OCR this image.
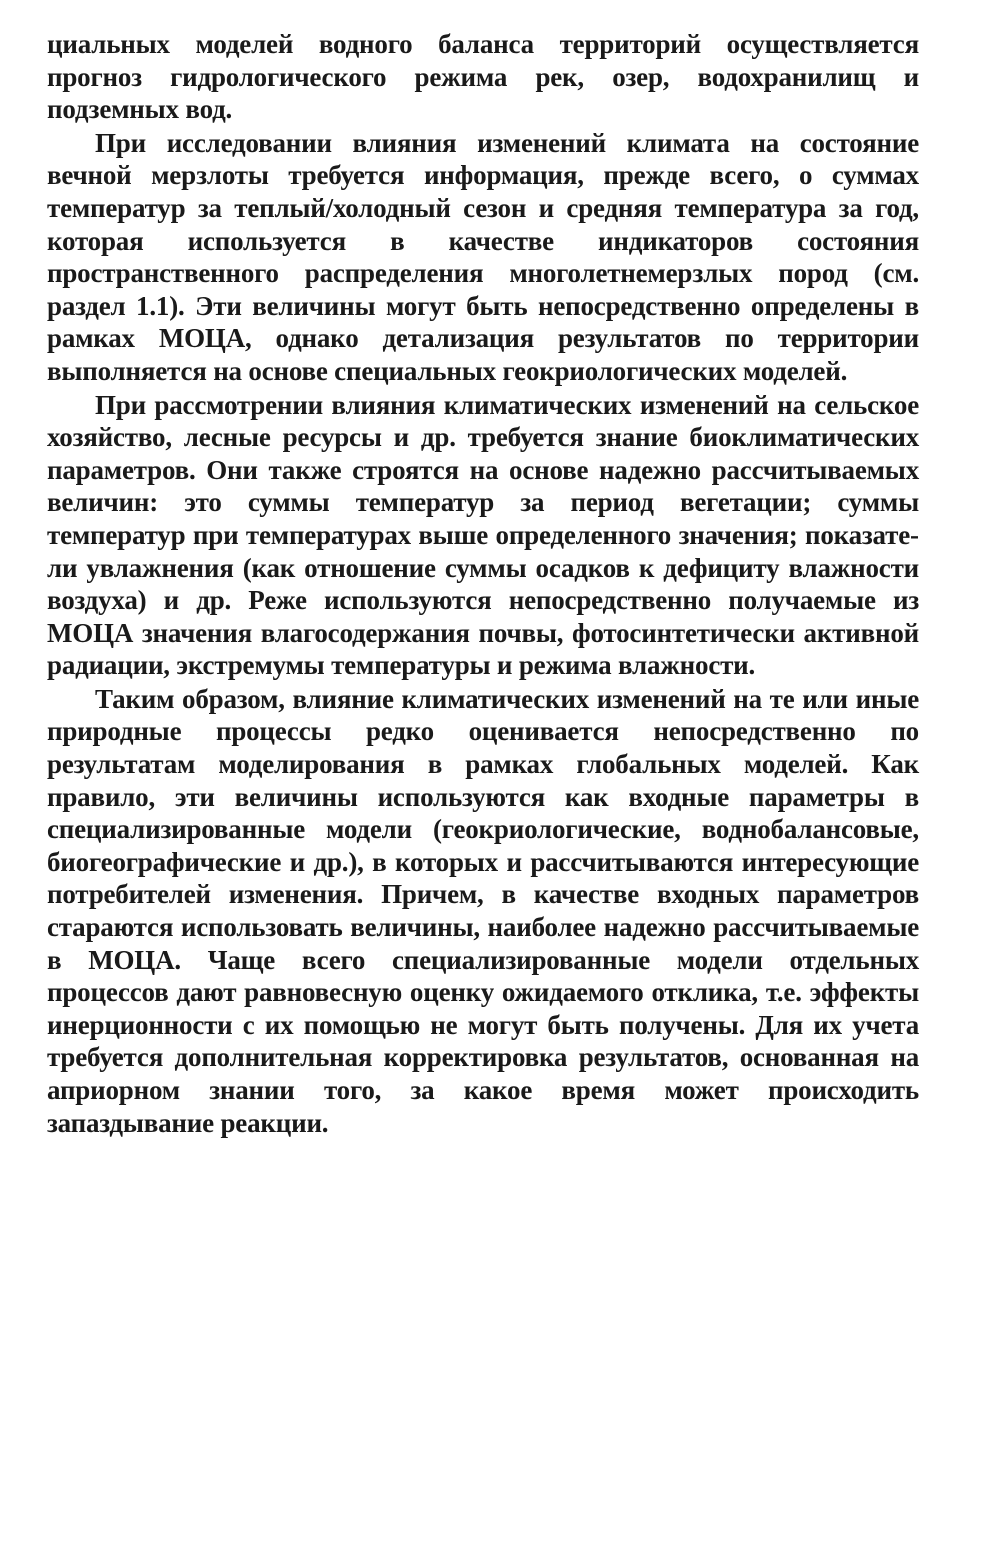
циальных моделей водного баланса территорий осуществляется прогноз гидрологического режима рек, озер, водохранилищ и подземных вод.

При исследовании влияния изменений климата на состояние вечной мерзлоты требуется информация, прежде всего, о суммах температур за теплый/холодный сезон и средняя температура за год, которая используется в качестве индикаторов состояния пространственного распределения многолетнемерзлых пород (см. раздел 1.1). Эти величины могут быть непосредственно определены в рамках МОЦА, однако детализация результатов по территории выполняется на основе специальных геокриологических моделей.

При рассмотрении влияния климатических изменений на сельское хозяйство, лесные ресурсы и др. требуется знание биоклиматических параметров. Они также строятся на основе надежно рассчитываемых величин: это суммы температур за период вегетации; суммы температур при температурах выше определенного значения; показатели увлажнения (как отношение суммы осадков к дефициту влажности воздуха) и др. Реже используются непосредственно получаемые из МОЦА значения влагосодержания почвы, фотосинтетически активной радиации, экстремумы температуры и режима влажности.

Таким образом, влияние климатических изменений на те или иные природные процессы редко оценивается непосредственно по результатам моделирования в рамках глобальных моделей. Как правило, эти величины используются как входные параметры в специализированные модели (геокриологические, воднобалансовые, биогеографические и др.), в которых и рассчитываются интересующие потребителей изменения. Причем, в качестве входных параметров стараются использовать величины, наиболее надежно рассчитываемые в МОЦА. Чаще всего специализированные модели отдельных процессов дают равновесную оценку ожидаемого отклика, т.е. эффекты инерционности с их помощью не могут быть получены. Для их учета требуется дополнительная корректировка результатов, основанная на априорном знании того, за какое время может происходить запаздывание реакции.
